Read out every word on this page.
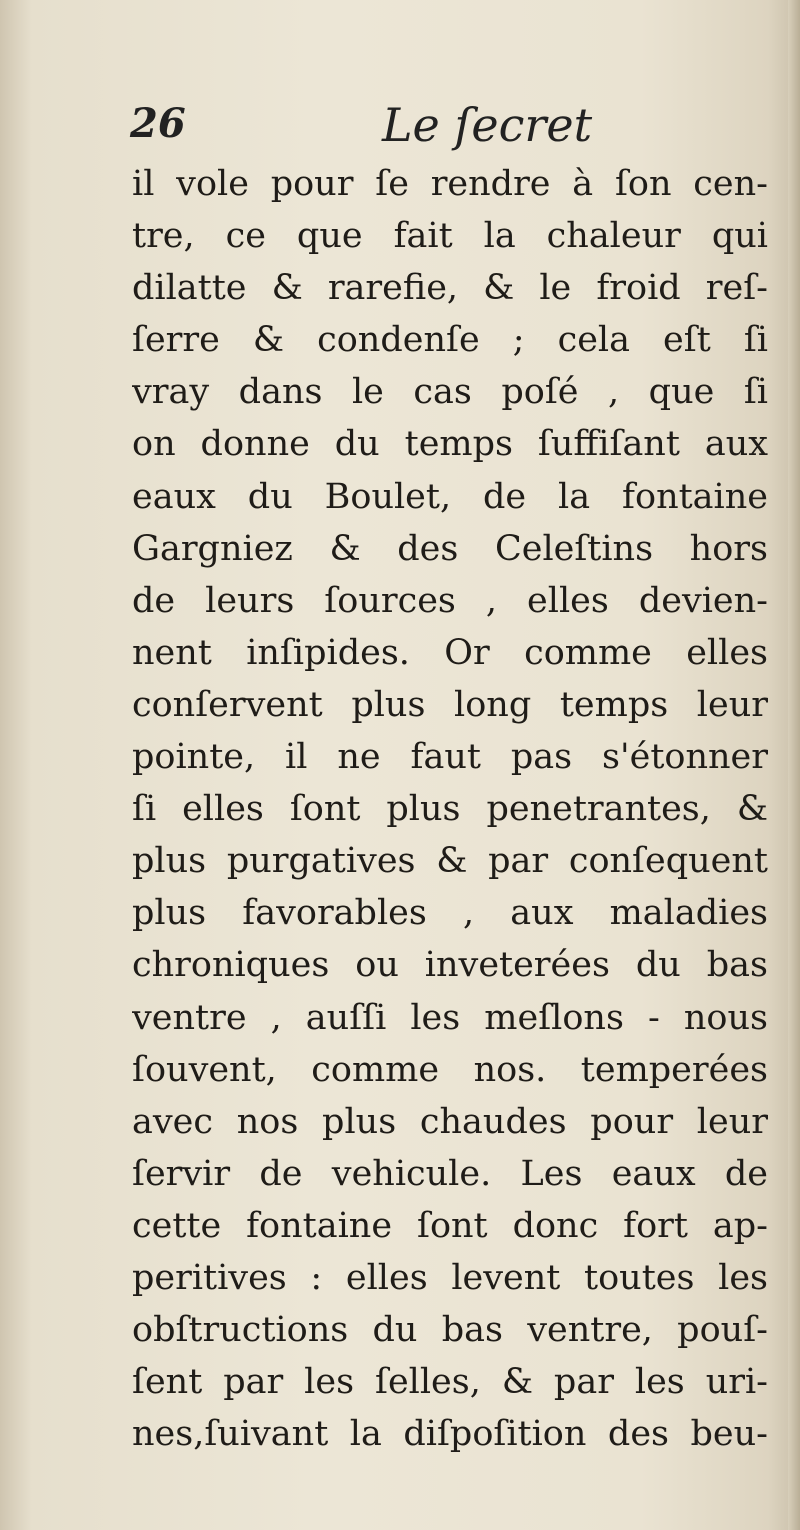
26	Le ſecret
il vole pour ſe rendre à ſon cen-
tre, ce que fait la chaleur qui
dilatte & rarefie, & le froid reſ-
ſerre & condenſe ; cela eſt ſi
vray dans le cas poſé , que ſi
on donne du temps ſuffiſant aux
eaux du Boulet, de la fontaine
Gargniez & des Celeſtins hors
de leurs ſources , elles devien-
nent inſipides. Or comme elles
conſervent plus long temps leur
pointe, il ne faut pas s'étonner
ſi elles ſont plus penetrantes, &
plus purgatives & par conſequent
plus favorables , aux maladies
chroniques ou inveterées du bas
ventre , auſſi les meſlons - nous
ſouvent, comme nos. temperées
avec nos plus chaudes pour leur
ſervir de vehicule. Les eaux de
cette fontaine ſont donc fort ap-
peritives : elles levent toutes les
obſtructions du bas ventre, pouſ-
ſent par les ſelles, & par les uri-
nes,ſuivant la diſpoſition des beu-
